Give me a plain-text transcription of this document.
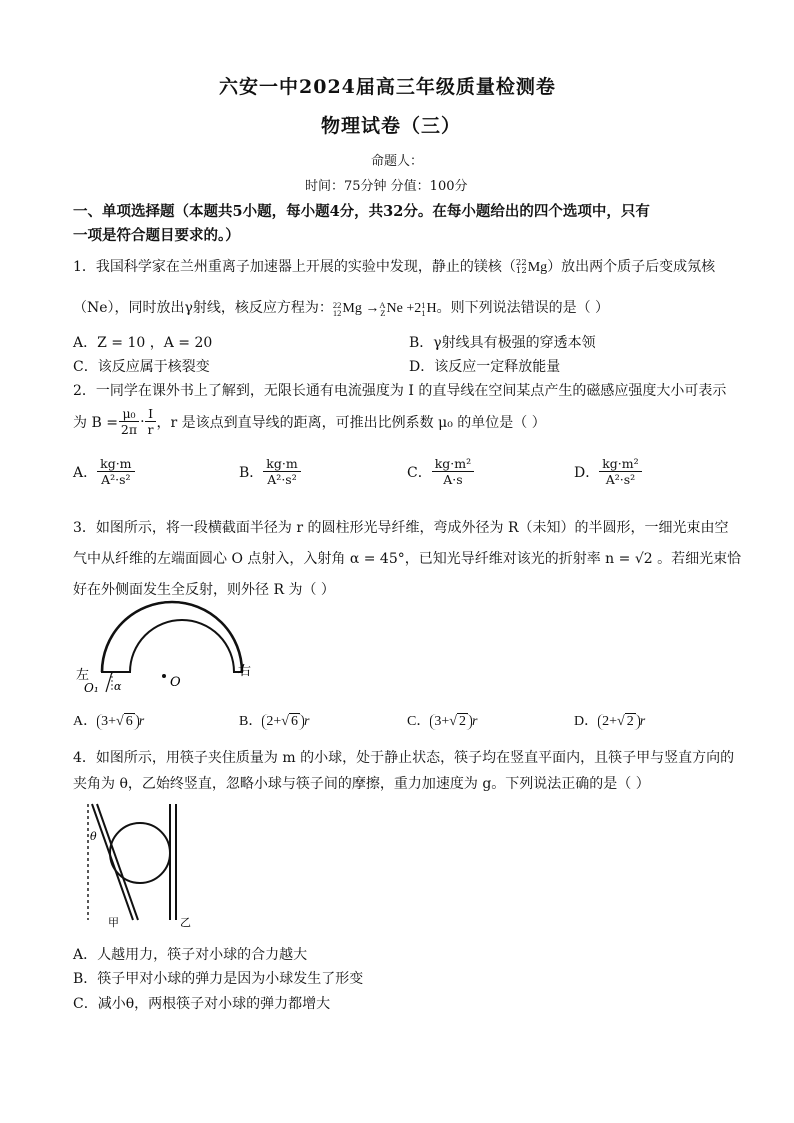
六安一中2024届高三年级质量检测卷
物理试卷（三）
命题人：
时间：75分钟 分值：100分
一、单项选择题（本题共5小题，每小题4分，共32分。在每小题给出的四个选项中，只有
一项是符合题目要求的。）
1．我国科学家在兰州重离子加速器上开展的实验中发现，静止的镁核（ 22
12 Mg）放出两个质子后变成氖核
（Ne），同时放出γ射线，核反应方程为： 22
12 Mg → A
Z Ne +2 1
1 H。则下列说法错误的是（ ）
A．Z = 10 ，A = 20	B．γ射线具有极强的穿透本领
C．该反应属于核裂变	D．该反应一定释放能量
2．一同学在课外书上了解到，无限长通有电流强度为 I 的直导线在空间某点产生的磁感应强度大小可表示
为 $B = \frac{\text{μ₀}}{2\pi} \cdot \frac{I}{r}$ ，r 是该点到直导线的距离，可推出比例系数 μ₀ 的单位是（ ）
A． $\frac{kg\cdot m}{\text{A²·s²}}$	B． $\frac{kg\cdot m}{\text{A²·s²}}$	C． $\frac{\text{kg·m²}}{A\cdot s}$	D． $\frac{\text{kg·m²}}{\text{A²·s²}}$
3．如图所示，将一段横截面半径为 r 的圆柱形光导纤维，弯成外径为 R（未知）的半圆形，一细光束由空
气中从纤维的左端面圆心 O 点射入，入射角 α = 45°，已知光导纤维对该光的折射率 n = √2 。若细光束恰
好在外侧面发生全反射，则外径 R 为（ ）
左	右
O₁ α	O
A． 3+√ 6 r	B． 2+√ 6 r	C． 3+√ 2 r	D． 2+√ 2 r
4．如图所示，用筷子夹住质量为 m 的小球，处于静止状态，筷子均在竖直平面内，且筷子甲与竖直方向的
夹角为 θ，乙始终竖直，忽略小球与筷子间的摩擦，重力加速度为 g。下列说法正确的是（ ）
θ
甲	乙
A．人越用力，筷子对小球的合力越大
B．筷子甲对小球的弹力是因为小球发生了形变
C．减小θ，两根筷子对小球的弹力都增大
